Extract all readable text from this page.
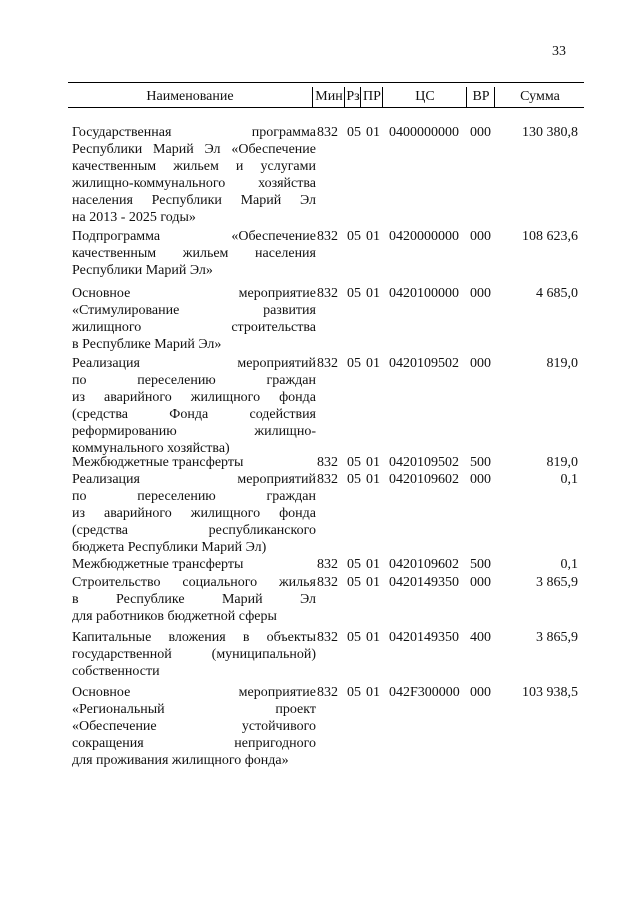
33
Наименование	Мин Рз ПР	ЦС	ВР	Сумма
Государственная программа
Республики Марий Эл «Обеспечение
качественным жильем и услугами
жилищно-коммунального хозяйства
населения Республики Марий Эл
на 2013 - 2025 годы»
832 05 01 0400000000 000	130 380,8
Подпрограмма «Обеспечение
качественным жильем населения
Республики Марий Эл»
832 05 01 0420000000 000	108 623,6
Основное мероприятие
«Стимулирование развития
жилищного строительства
в Республике Марий Эл»
832 05 01 0420100000 000	4 685,0
Реализация мероприятий
по переселению граждан
из аварийного жилищного фонда
(средства Фонда содействия
реформированию жилищно-
коммунального хозяйства)
832 05 01 0420109502 000	819,0
Межбюджетные трансферты	832 05 01 0420109502 500	819,0
Реализация мероприятий
по переселению граждан
из аварийного жилищного фонда
(средства республиканского
бюджета Республики Марий Эл)
832 05 01 0420109602 000	0,1
Межбюджетные трансферты	832 05 01 0420109602 500	0,1
Строительство социального жилья
в Республике Марий Эл
для работников бюджетной сферы
832 05 01 0420149350 000	3 865,9
Капитальные вложения в объекты
государственной (муниципальной)
собственности
832 05 01 0420149350 400	3 865,9
Основное мероприятие
«Региональный проект
«Обеспечение устойчивого
сокращения непригодного
для проживания жилищного фонда»
832 05 01 042F300000 000	103 938,5
